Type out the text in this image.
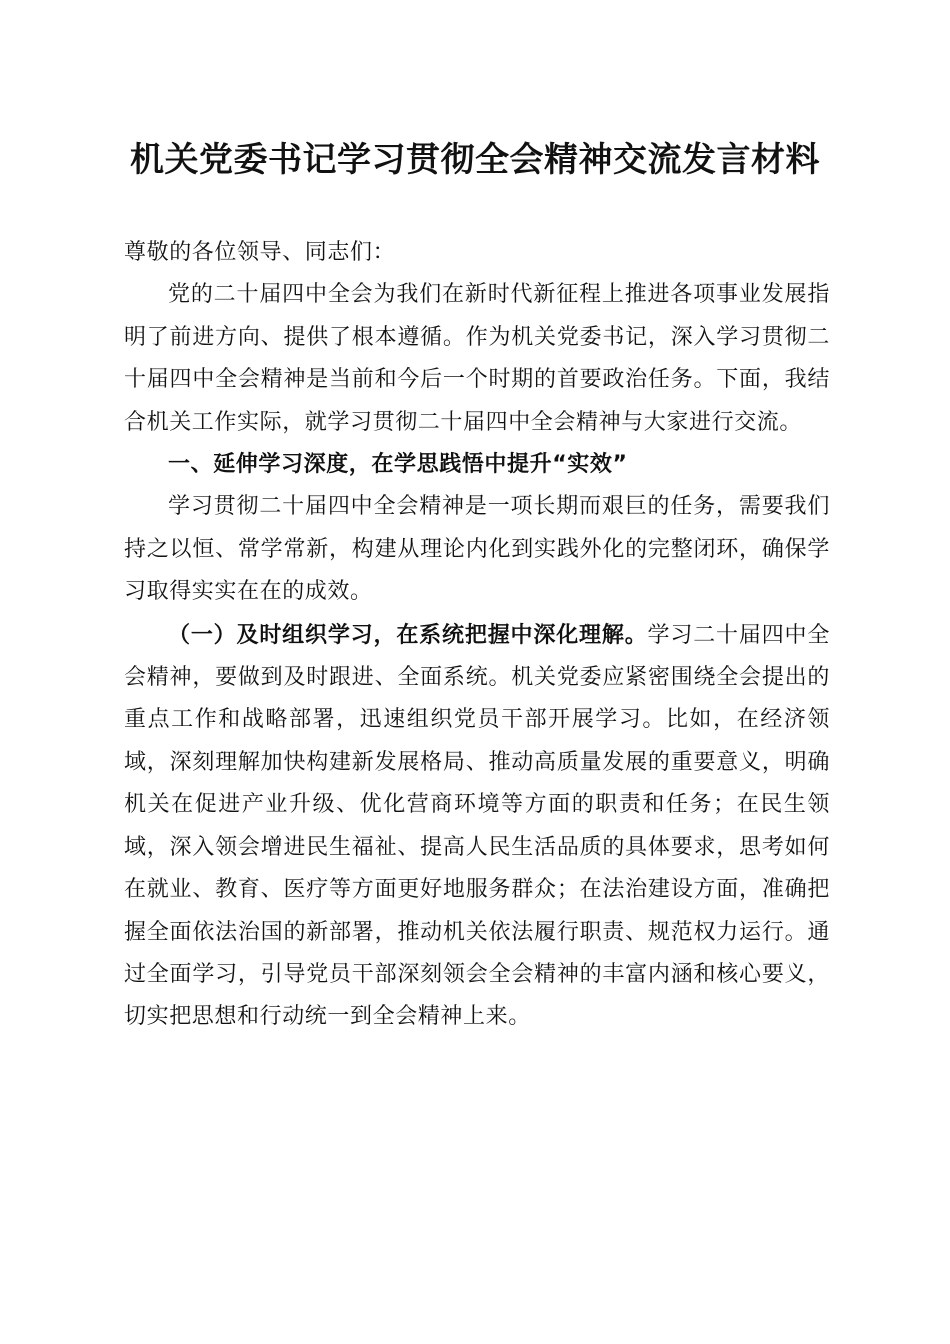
机关党委书记学习贯彻全会精神交流发言材料

尊敬的各位领导、同志们：

党的二十届四中全会为我们在新时代新征程上推进各项事业发展指明了前进方向、提供了根本遵循。作为机关党委书记，深入学习贯彻二十届四中全会精神是当前和今后一个时期的首要政治任务。下面，我结合机关工作实际，就学习贯彻二十届四中全会精神与大家进行交流。

一、延伸学习深度，在学思践悟中提升“实效”

学习贯彻二十届四中全会精神是一项长期而艰巨的任务，需要我们持之以恒、常学常新，构建从理论内化到实践外化的完整闭环，确保学习取得实实在在的成效。

（一）及时组织学习，在系统把握中深化理解。学习二十届四中全会精神，要做到及时跟进、全面系统。机关党委应紧密围绕全会提出的重点工作和战略部署，迅速组织党员干部开展学习。比如，在经济领域，深刻理解加快构建新发展格局、推动高质量发展的重要意义，明确机关在促进产业升级、优化营商环境等方面的职责和任务；在民生领域，深入领会增进民生福祉、提高人民生活品质的具体要求，思考如何在就业、教育、医疗等方面更好地服务群众；在法治建设方面，准确把握全面依法治国的新部署，推动机关依法履行职责、规范权力运行。通过全面学习，引导党员干部深刻领会全会精神的丰富内涵和核心要义，切实把思想和行动统一到全会精神上来。
